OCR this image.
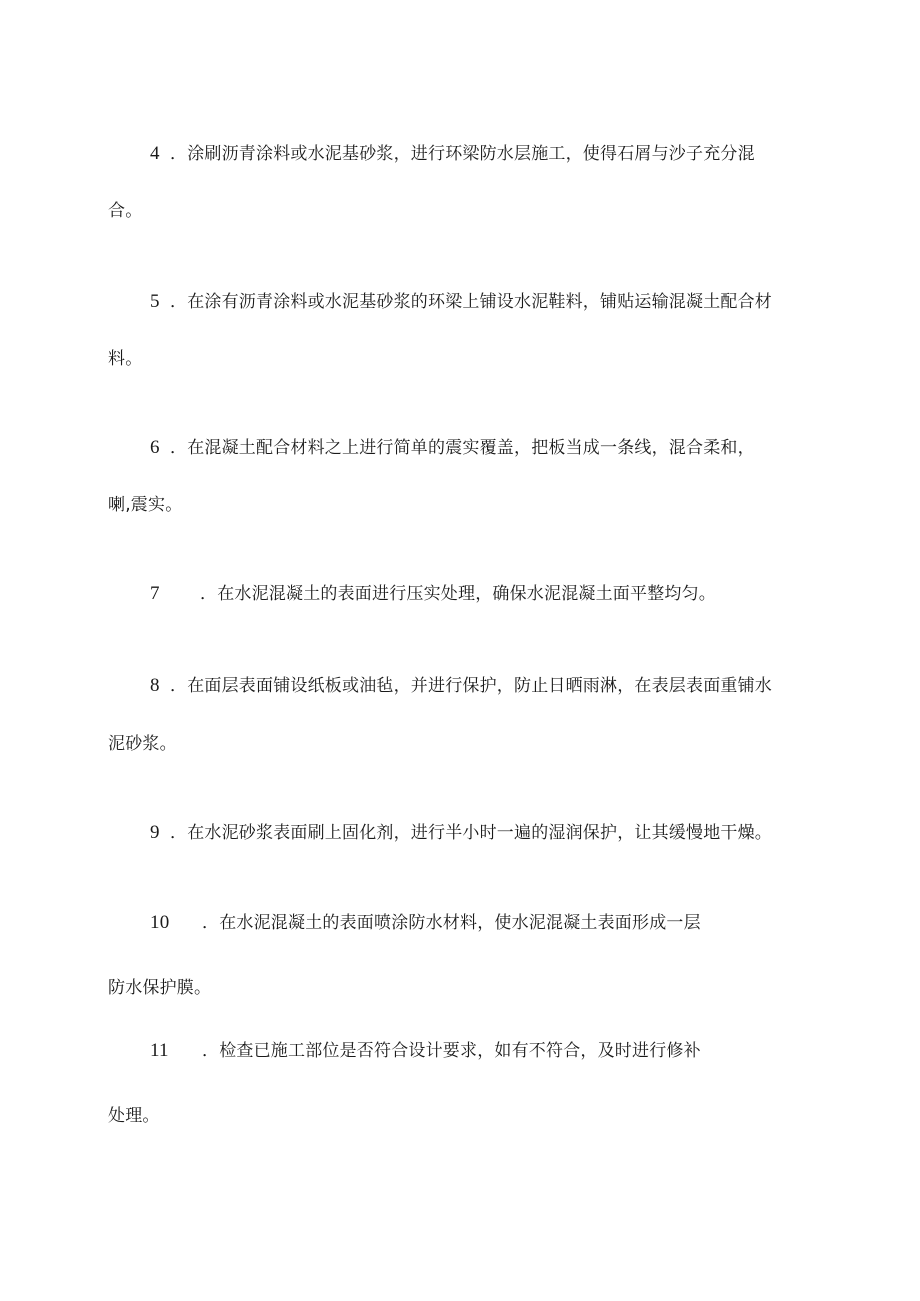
4 ．涂刷沥青涂料或水泥基砂浆，进行环梁防水层施工，使得石屑与沙子充分混
合。
5 ．在涂有沥青涂料或水泥基砂浆的环梁上铺设水泥鞋料，铺贴运输混凝土配合材
料。
6 ．在混凝土配合材料之上进行简单的震实覆盖，把板当成一条线，混合柔和，
喇,震实。
7 ．在水泥混凝土的表面进行压实处理，确保水泥混凝土面平整均匀。
8 ．在面层表面铺设纸板或油毡，并进行保护，防止日晒雨淋，在表层表面重铺水
泥砂浆。
9 ．在水泥砂浆表面刷上固化剂，进行半小时一遍的湿润保护，让其缓慢地干燥。
10 ．在水泥混凝土的表面喷涂防水材料，使水泥混凝土表面形成一层
防水保护膜。
11 ．检查已施工部位是否符合设计要求，如有不符合，及时进行修补
处理。
